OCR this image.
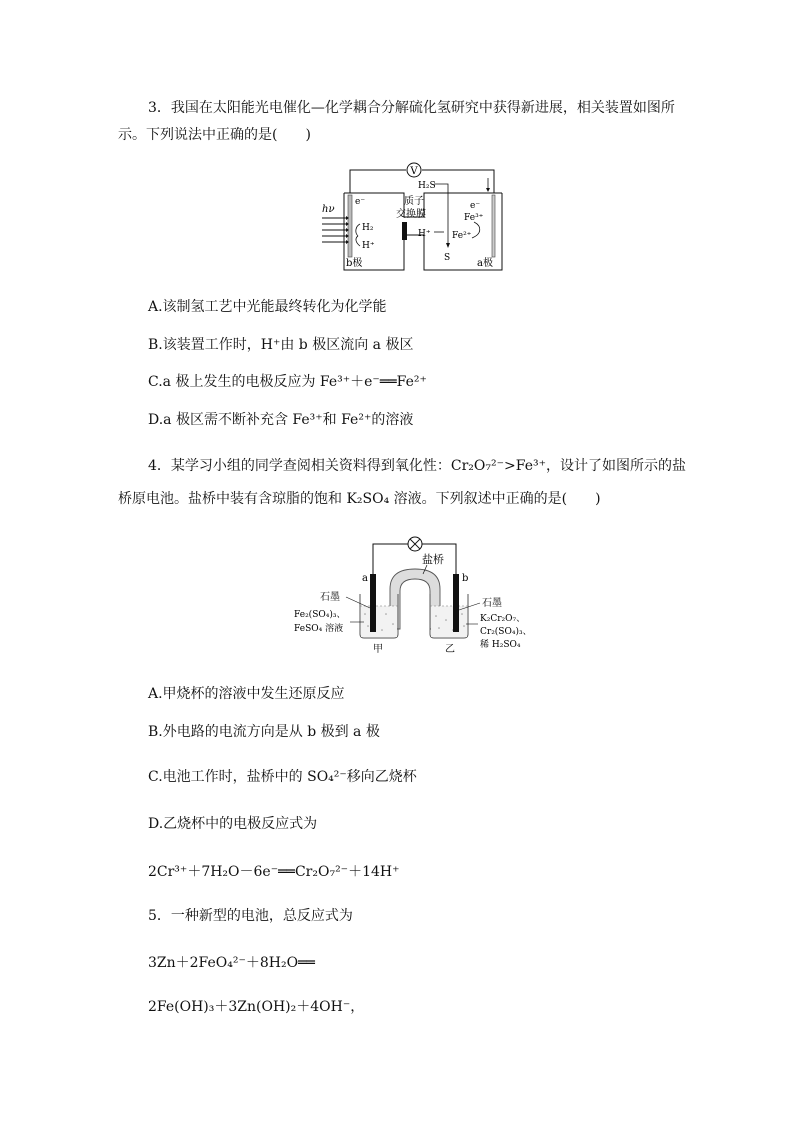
3．我国在太阳能光电催化—化学耦合分解硫化氢研究中获得新进展，相关装置如图所
示。下列说法中正确的是(　　)
V
hν
e⁻
H₂
H⁺
b极
质子
交换膜
H₂S
S
H⁺
e⁻
Fe³⁺
Fe²⁺
a极
A.该制氢工艺中光能最终转化为化学能
B.该装置工作时，H⁺由 b 极区流向 a 极区
C.a 极上发生的电极反应为 Fe³⁺＋e⁻══Fe²⁺
D.a 极区需不断补充含 Fe³⁺和 Fe²⁺的溶液
4．某学习小组的同学查阅相关资料得到氧化性：Cr₂O₇²⁻>Fe³⁺，设计了如图所示的盐
桥原电池。盐桥中装有含琼脂的饱和 K₂SO₄ 溶液。下列叙述中正确的是(　　)
盐桥
a	b
石墨
Fe₂(SO₄)₃、
FeSO₄ 溶液
甲
石墨
K₂Cr₂O₇、
Cr₂(SO₄)₃、
稀 H₂SO₄
乙
A.甲烧杯的溶液中发生还原反应
B.外电路的电流方向是从 b 极到 a 极
C.电池工作时，盐桥中的 SO₄²⁻移向乙烧杯
D.乙烧杯中的电极反应式为
2Cr³⁺＋7H₂O－6e⁻══Cr₂O₇²⁻＋14H⁺
5．一种新型的电池，总反应式为
3Zn＋2FeO₄²⁻＋8H₂O══
2Fe(OH)₃＋3Zn(OH)₂＋4OH⁻，
